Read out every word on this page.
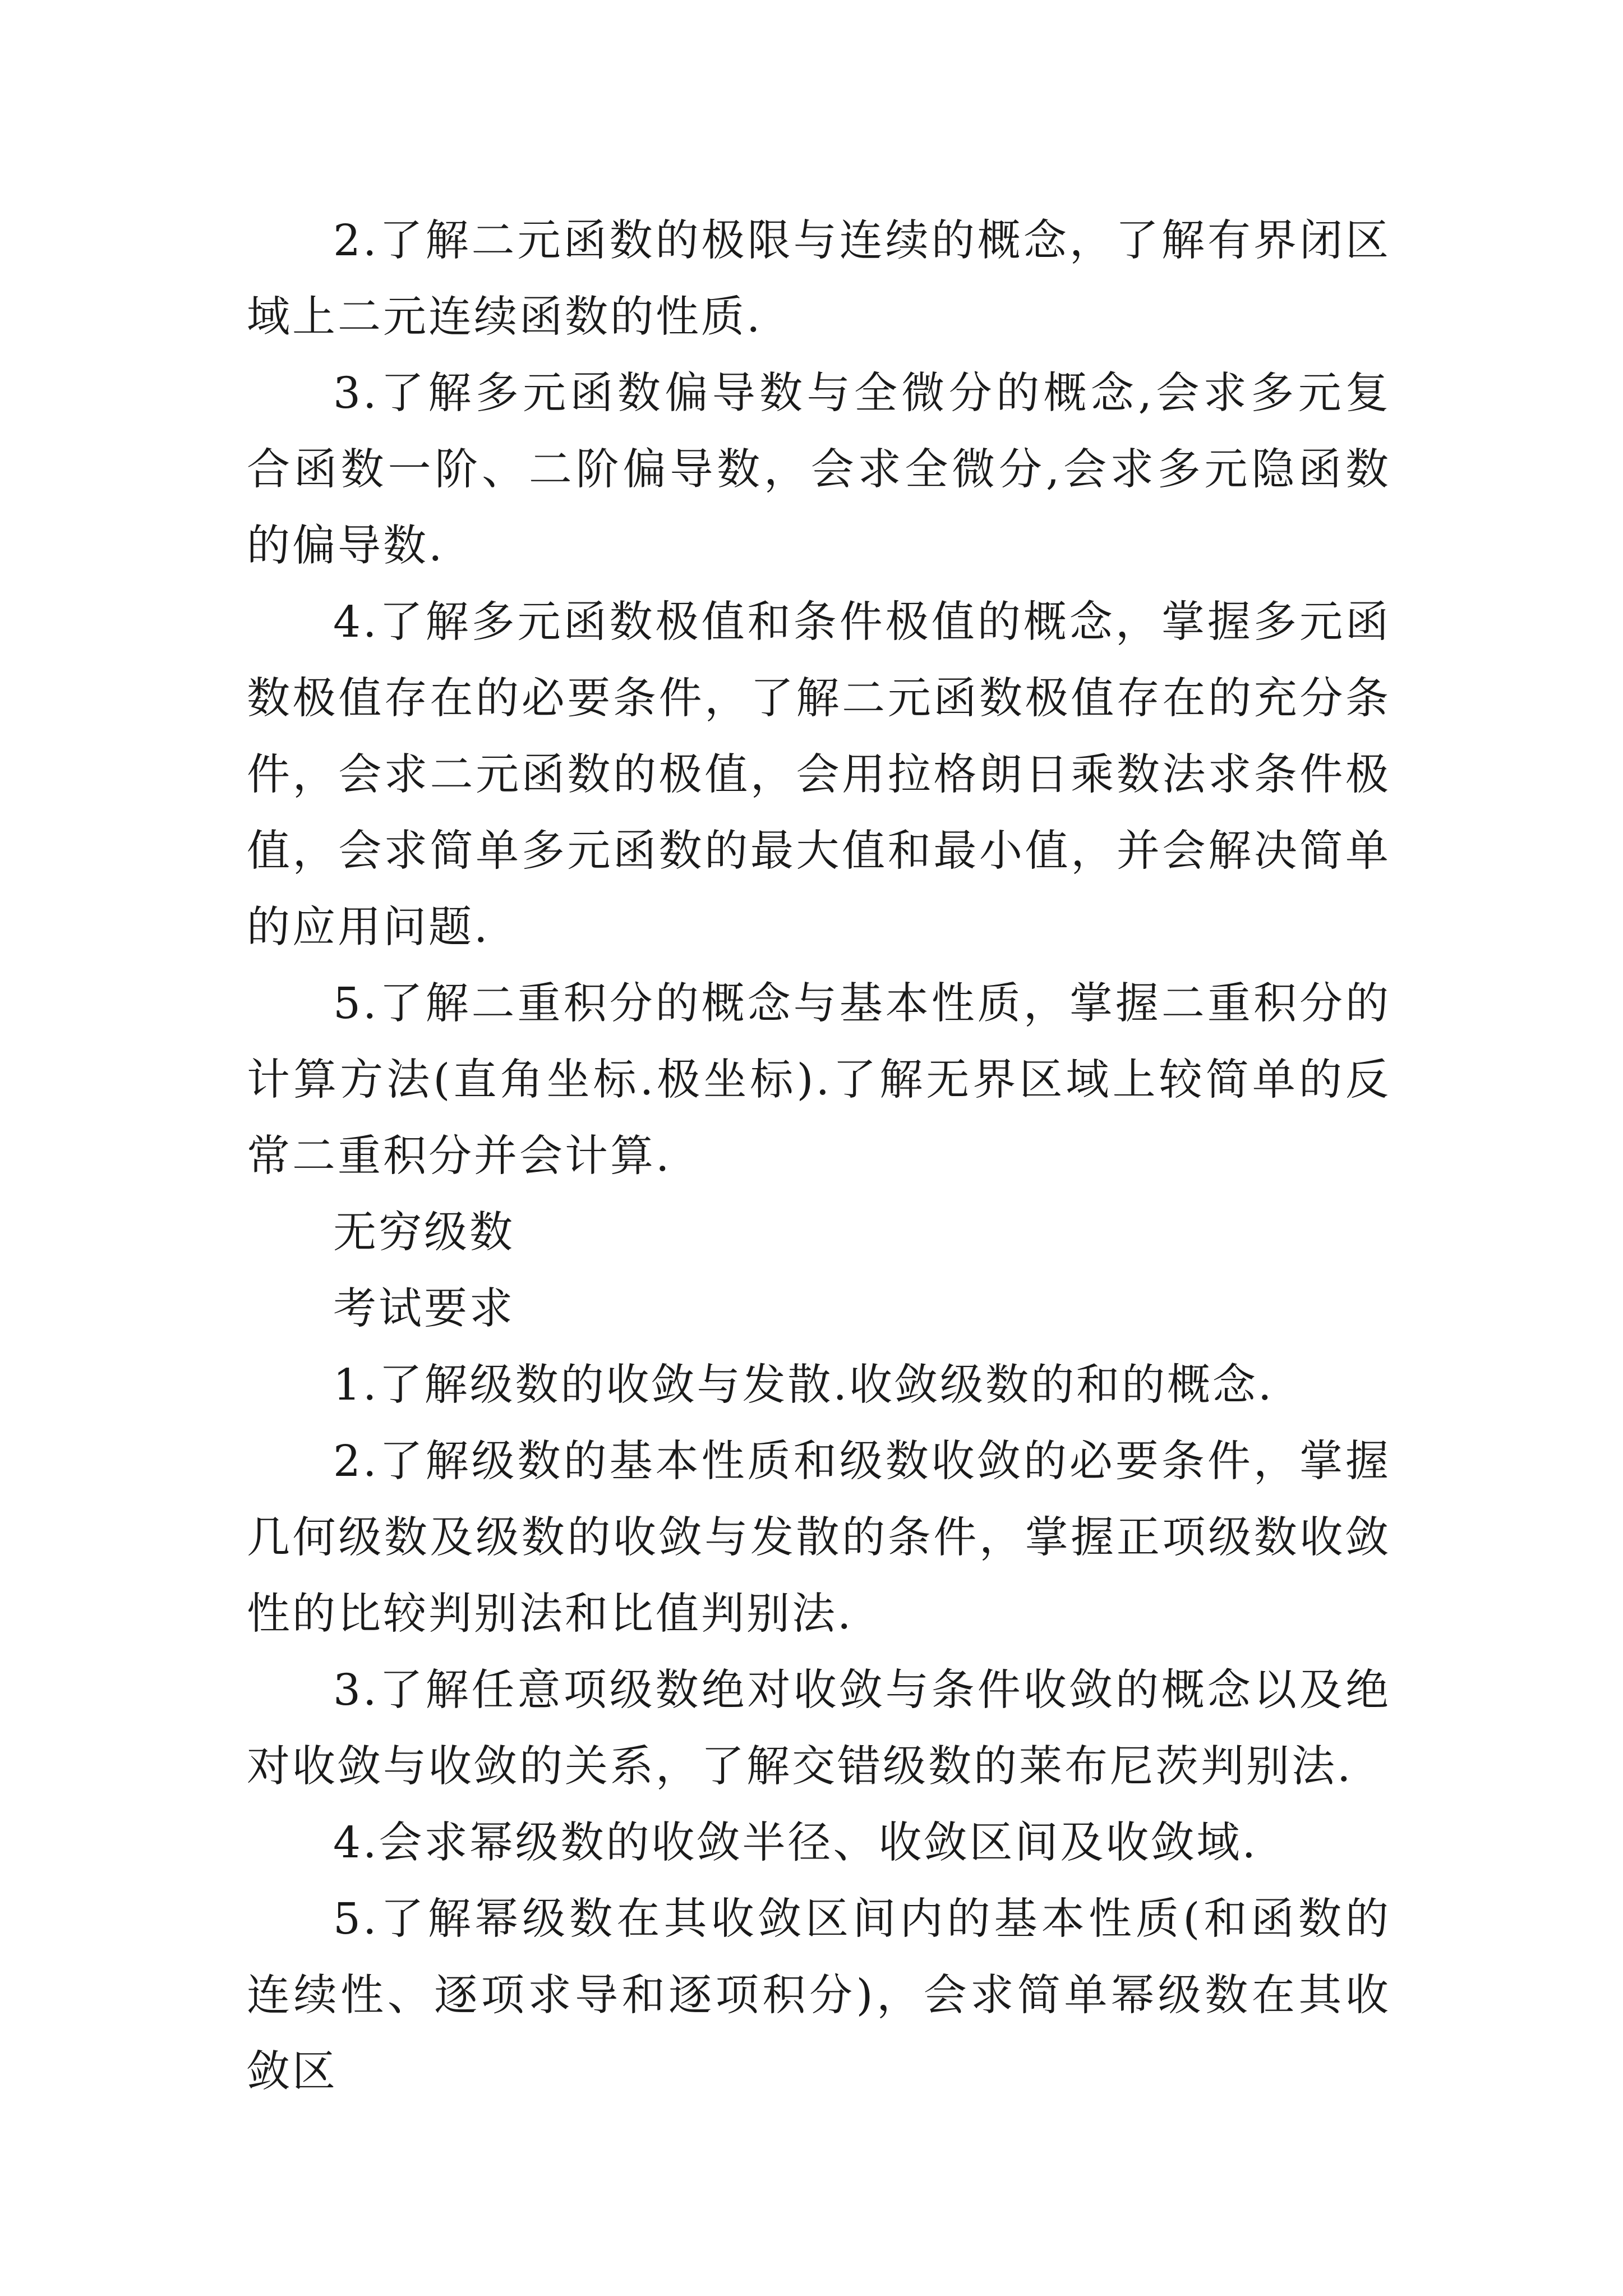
2.了解二元函数的极限与连续的概念，了解有界闭区域上二元连续函数的性质.

3.了解多元函数偏导数与全微分的概念,会求多元复合函数一阶、二阶偏导数，会求全微分,会求多元隐函数的偏导数.

4.了解多元函数极值和条件极值的概念，掌握多元函数极值存在的必要条件，了解二元函数极值存在的充分条件，会求二元函数的极值，会用拉格朗日乘数法求条件极值，会求简单多元函数的最大值和最小值，并会解决简单的应用问题.

5.了解二重积分的概念与基本性质，掌握二重积分的计算方法(直角坐标.极坐标).了解无界区域上较简单的反常二重积分并会计算.

无穷级数

考试要求

1.了解级数的收敛与发散.收敛级数的和的概念.

2.了解级数的基本性质和级数收敛的必要条件，掌握几何级数及级数的收敛与发散的条件，掌握正项级数收敛性的比较判别法和比值判别法.

3.了解任意项级数绝对收敛与条件收敛的概念以及绝对收敛与收敛的关系，了解交错级数的莱布尼茨判别法.

4.会求幂级数的收敛半径、收敛区间及收敛域.

5.了解幂级数在其收敛区间内的基本性质(和函数的连续性、逐项求导和逐项积分)，会求简单幂级数在其收敛区
